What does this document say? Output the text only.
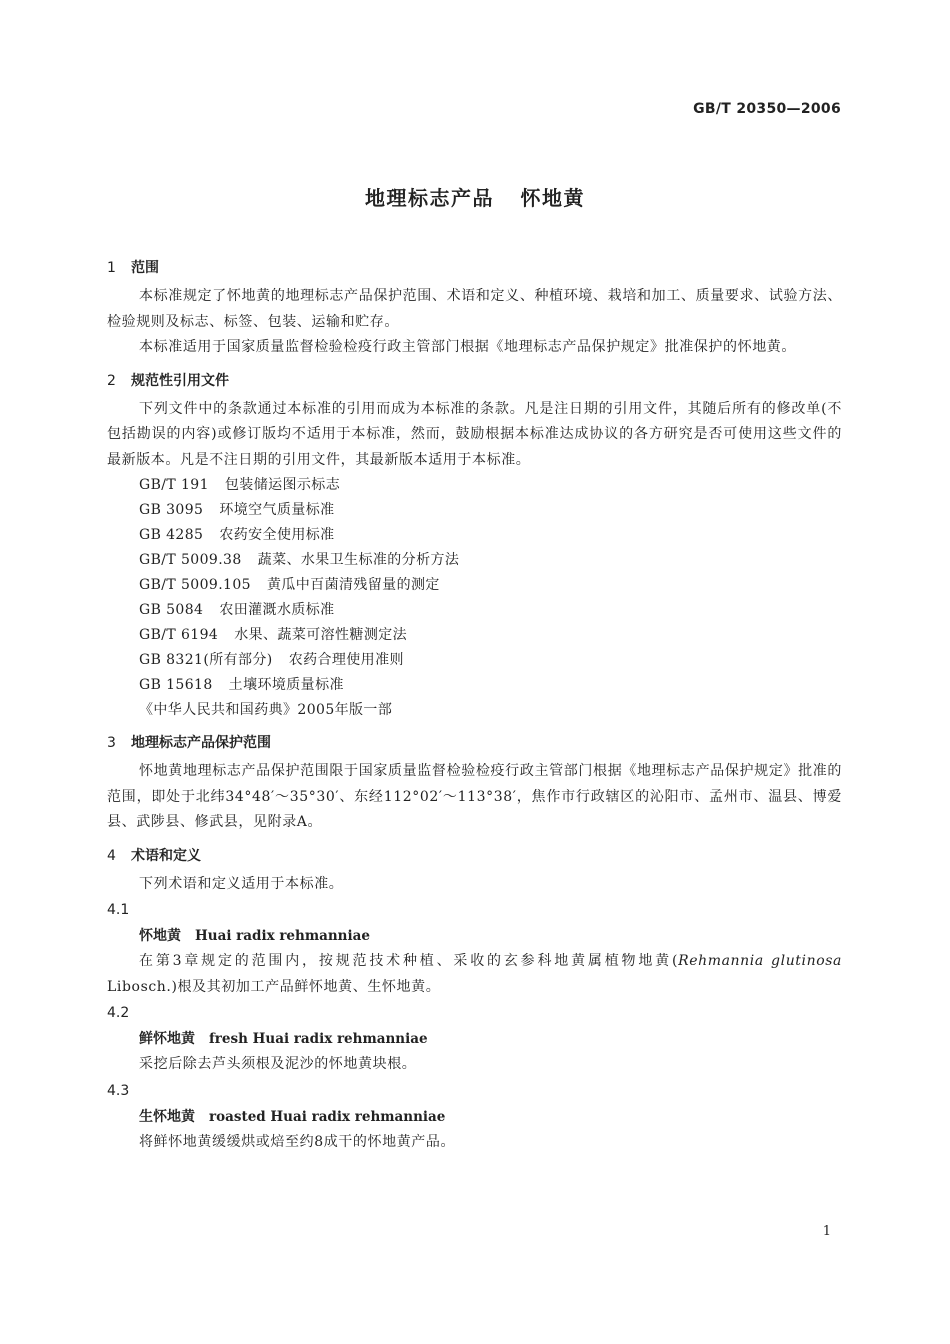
GB/T 20350—2006
地理标志产品 怀地黄
1 范围
本标准规定了怀地黄的地理标志产品保护范围、术语和定义、种植环境、栽培和加工、质量要求、试验方法、检验规则及标志、标签、包装、运输和贮存。
本标准适用于国家质量监督检验检疫行政主管部门根据《地理标志产品保护规定》批准保护的怀地黄。
2 规范性引用文件
下列文件中的条款通过本标准的引用而成为本标准的条款。凡是注日期的引用文件，其随后所有的修改单(不包括勘误的内容)或修订版均不适用于本标准，然而，鼓励根据本标准达成协议的各方研究是否可使用这些文件的最新版本。凡是不注日期的引用文件，其最新版本适用于本标准。
GB/T 191 包装储运图示标志
GB 3095 环境空气质量标准
GB 4285 农药安全使用标准
GB/T 5009.38 蔬菜、水果卫生标准的分析方法
GB/T 5009.105 黄瓜中百菌清残留量的测定
GB 5084 农田灌溉水质标准
GB/T 6194 水果、蔬菜可溶性糖测定法
GB 8321(所有部分) 农药合理使用准则
GB 15618 土壤环境质量标准
《中华人民共和国药典》2005年版一部
3 地理标志产品保护范围
怀地黄地理标志产品保护范围限于国家质量监督检验检疫行政主管部门根据《地理标志产品保护规定》批准的范围，即处于北纬34°48′～35°30′、东经112°02′～113°38′，焦作市行政辖区的沁阳市、孟州市、温县、博爱县、武陟县、修武县，见附录A。
4 术语和定义
下列术语和定义适用于本标准。
4.1
怀地黄 Huai radix rehmanniae
在第3章规定的范围内，按规范技术种植、采收的玄参科地黄属植物地黄(Rehmannia glutinosa Libosch.)根及其初加工产品鲜怀地黄、生怀地黄。
4.2
鲜怀地黄 fresh Huai radix rehmanniae
采挖后除去芦头须根及泥沙的怀地黄块根。
4.3
生怀地黄 roasted Huai radix rehmanniae
将鲜怀地黄缓缓烘或焙至约8成干的怀地黄产品。
1
